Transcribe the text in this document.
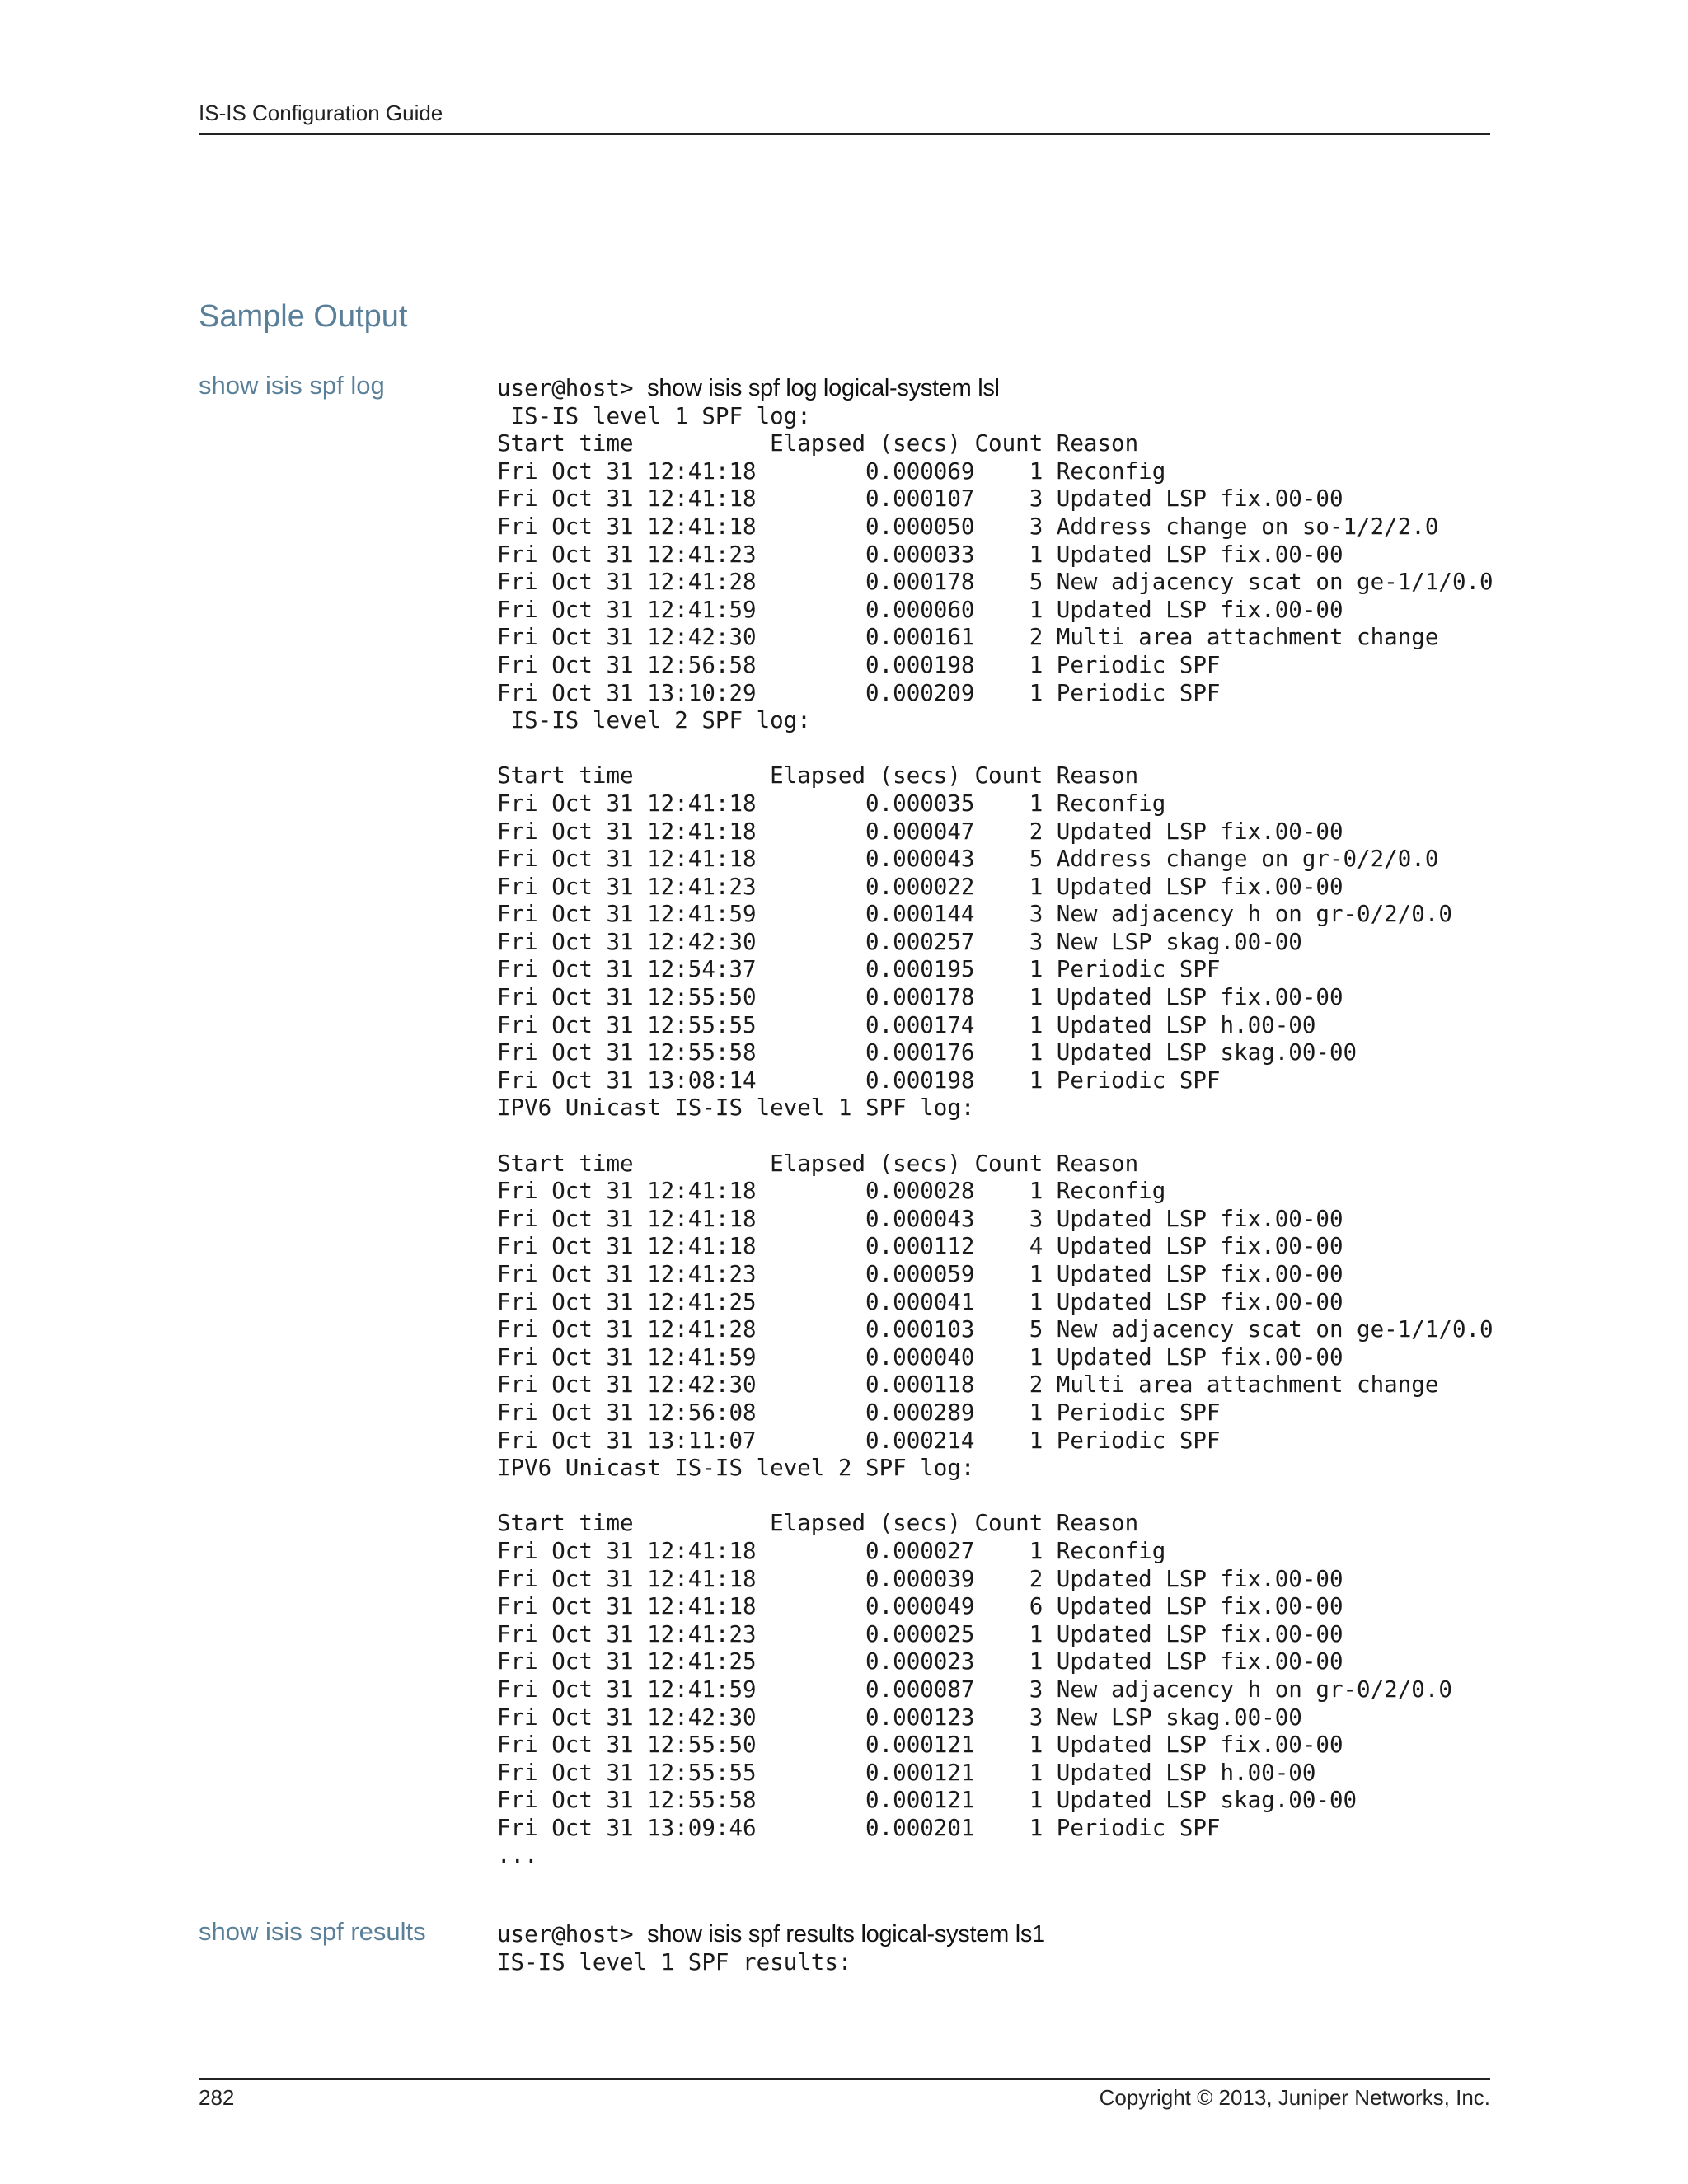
IS-IS Configuration Guide
Sample Output
show isis spf log	user@host> show isis spf log logical-system lsl
IS-IS level 1 SPF log:
Start time          Elapsed (secs) Count Reason
Fri Oct 31 12:41:18        0.000069    1 Reconfig
Fri Oct 31 12:41:18        0.000107    3 Updated LSP fix.00-00
Fri Oct 31 12:41:18        0.000050    3 Address change on so-1/2/2.0
Fri Oct 31 12:41:23        0.000033    1 Updated LSP fix.00-00
Fri Oct 31 12:41:28        0.000178    5 New adjacency scat on ge-1/1/0.0
Fri Oct 31 12:41:59        0.000060    1 Updated LSP fix.00-00
Fri Oct 31 12:42:30        0.000161    2 Multi area attachment change
Fri Oct 31 12:56:58        0.000198    1 Periodic SPF
Fri Oct 31 13:10:29        0.000209    1 Periodic SPF
IS-IS level 2 SPF log:

Start time          Elapsed (secs) Count Reason
Fri Oct 31 12:41:18        0.000035    1 Reconfig
Fri Oct 31 12:41:18        0.000047    2 Updated LSP fix.00-00
Fri Oct 31 12:41:18        0.000043    5 Address change on gr-0/2/0.0
Fri Oct 31 12:41:23        0.000022    1 Updated LSP fix.00-00
Fri Oct 31 12:41:59        0.000144    3 New adjacency h on gr-0/2/0.0
Fri Oct 31 12:42:30        0.000257    3 New LSP skag.00-00
Fri Oct 31 12:54:37        0.000195    1 Periodic SPF
Fri Oct 31 12:55:50        0.000178    1 Updated LSP fix.00-00
Fri Oct 31 12:55:55        0.000174    1 Updated LSP h.00-00
Fri Oct 31 12:55:58        0.000176    1 Updated LSP skag.00-00
Fri Oct 31 13:08:14        0.000198    1 Periodic SPF
IPV6 Unicast IS-IS level 1 SPF log:

Start time          Elapsed (secs) Count Reason
Fri Oct 31 12:41:18        0.000028    1 Reconfig
Fri Oct 31 12:41:18        0.000043    3 Updated LSP fix.00-00
Fri Oct 31 12:41:18        0.000112    4 Updated LSP fix.00-00
Fri Oct 31 12:41:23        0.000059    1 Updated LSP fix.00-00
Fri Oct 31 12:41:25        0.000041    1 Updated LSP fix.00-00
Fri Oct 31 12:41:28        0.000103    5 New adjacency scat on ge-1/1/0.0
Fri Oct 31 12:41:59        0.000040    1 Updated LSP fix.00-00
Fri Oct 31 12:42:30        0.000118    2 Multi area attachment change
Fri Oct 31 12:56:08        0.000289    1 Periodic SPF
Fri Oct 31 13:11:07        0.000214    1 Periodic SPF
IPV6 Unicast IS-IS level 2 SPF log:

Start time          Elapsed (secs) Count Reason
Fri Oct 31 12:41:18        0.000027    1 Reconfig
Fri Oct 31 12:41:18        0.000039    2 Updated LSP fix.00-00
Fri Oct 31 12:41:18        0.000049    6 Updated LSP fix.00-00
Fri Oct 31 12:41:23        0.000025    1 Updated LSP fix.00-00
Fri Oct 31 12:41:25        0.000023    1 Updated LSP fix.00-00
Fri Oct 31 12:41:59        0.000087    3 New adjacency h on gr-0/2/0.0
Fri Oct 31 12:42:30        0.000123    3 New LSP skag.00-00
Fri Oct 31 12:55:50        0.000121    1 Updated LSP fix.00-00
Fri Oct 31 12:55:55        0.000121    1 Updated LSP h.00-00
Fri Oct 31 12:55:58        0.000121    1 Updated LSP skag.00-00
Fri Oct 31 13:09:46        0.000201    1 Periodic SPF
...
show isis spf results	user@host> show isis spf results logical-system ls1
IS-IS level 1 SPF results:
282	Copyright © 2013, Juniper Networks, Inc.
